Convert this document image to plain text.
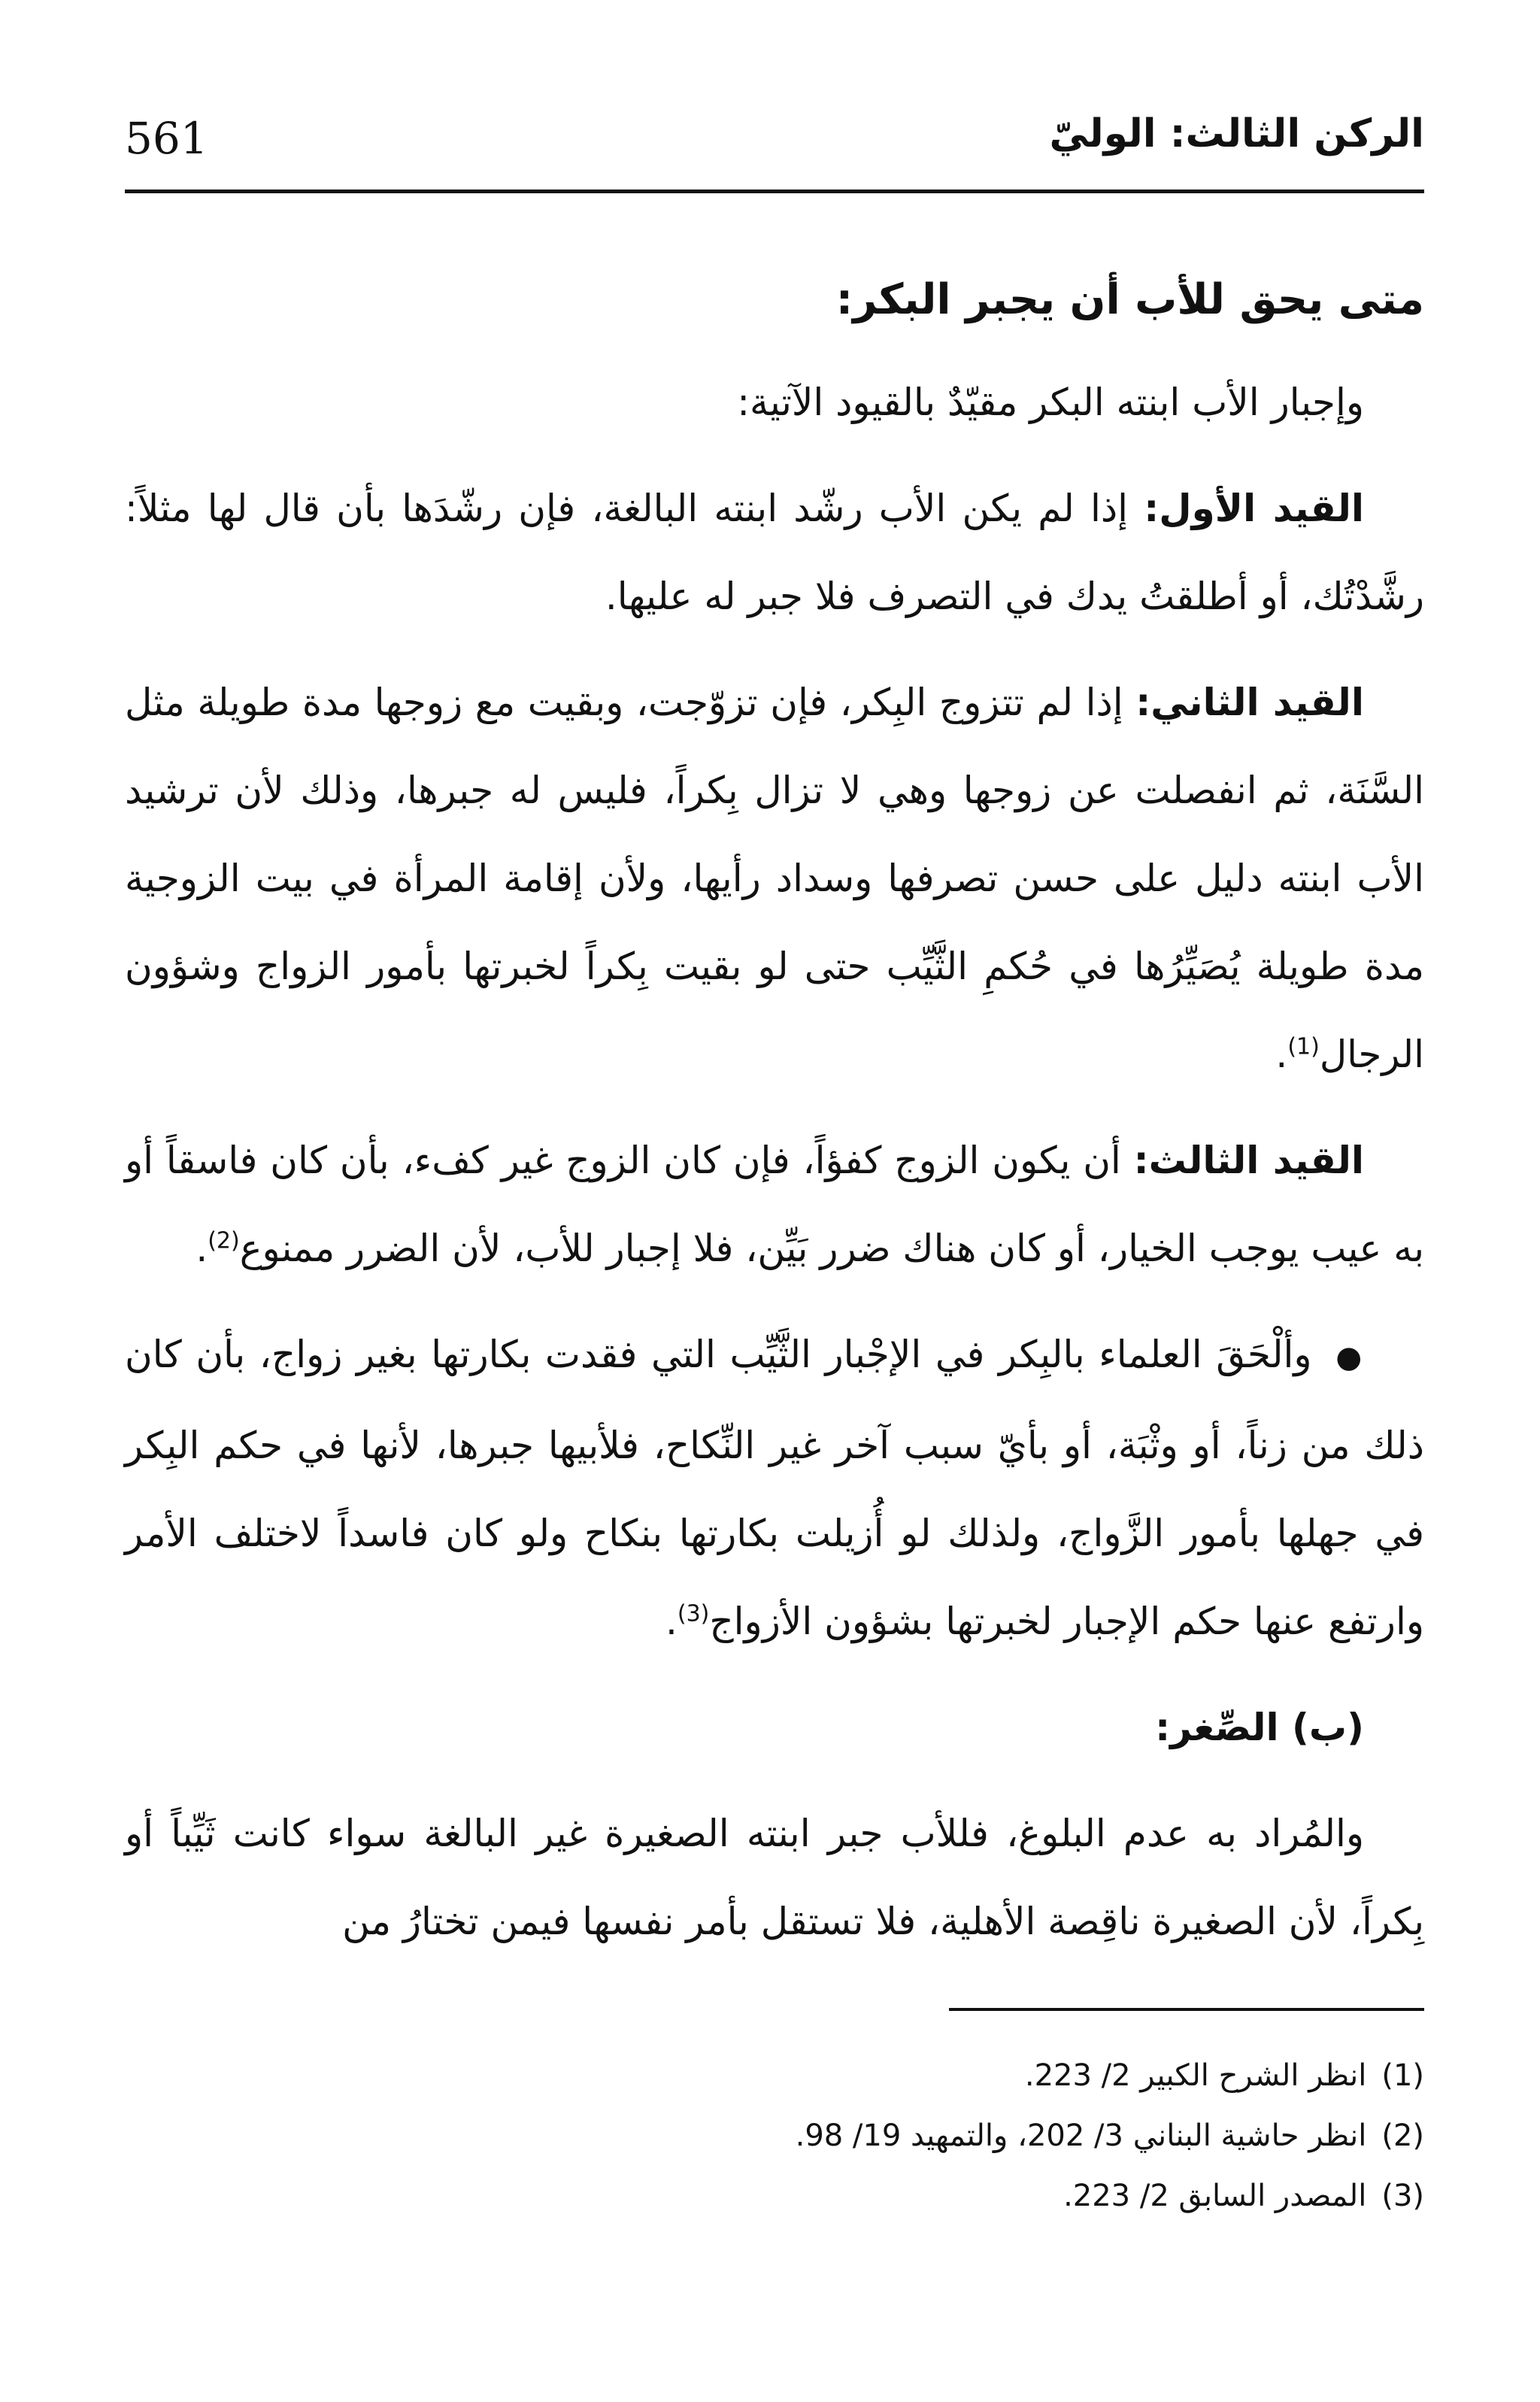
561	الركن الثالث: الوليّ

متى يحق للأب أن يجبر البكر:

وإجبار الأب ابنته البكر مقيّدٌ بالقيود الآتية:

القيد الأول: إذا لم يكن الأب رشّد ابنته البالغة، فإن رشّدَها بأن قال لها مثلاً: رشَّدْتُك، أو أطلقتُ يدك في التصرف فلا جبر له عليها.

القيد الثاني: إذا لم تتزوج البِكر، فإن تزوّجت، وبقيت مع زوجها مدة طويلة مثل السَّنَة، ثم انفصلت عن زوجها وهي لا تزال بِكراً، فليس له جبرها، وذلك لأن ترشيد الأب ابنته دليل على حسن تصرفها وسداد رأيها، ولأن إقامة المرأة في بيت الزوجية مدة طويلة يُصَيِّرُها في حُكمِ الثَّيِّب حتى لو بقيت بِكراً لخبرتها بأمور الزواج وشؤون الرجال$^{(1)}$.

القيد الثالث: أن يكون الزوج كفؤاً، فإن كان الزوج غير كفء، بأن كان فاسقاً أو به عيب يوجب الخيار، أو كان هناك ضرر بَيِّن، فلا إجبار للأب، لأن الضرر ممنوع$^{(2)}$.

● وألْحَقَ العلماء بالبِكر في الإجْبار الثَّيِّب التي فقدت بكارتها بغير زواج، بأن كان ذلك من زناً، أو وثْبَة، أو بأيّ سبب آخر غير النِّكاح، فلأبيها جبرها، لأنها في حكم البِكر في جهلها بأمور الزَّواج، ولذلك لو أُزيلت بكارتها بنكاح ولو كان فاسداً لاختلف الأمر وارتفع عنها حكم الإجبار لخبرتها بشؤون الأزواج$^{(3)}$.

(ب) الصِّغر:

والمُراد به عدم البلوغ، فللأب جبر ابنته الصغيرة غير البالغة سواء كانت ثَيِّباً أو بِكراً، لأن الصغيرة ناقِصة الأهلية، فلا تستقل بأمر نفسها فيمن تختارُ من

(1)انظر الشرح الكبير 2/ 223.
(2)انظر حاشية البناني 3/ 202، والتمهيد 19/ 98.
(3)المصدر السابق 2/ 223.
